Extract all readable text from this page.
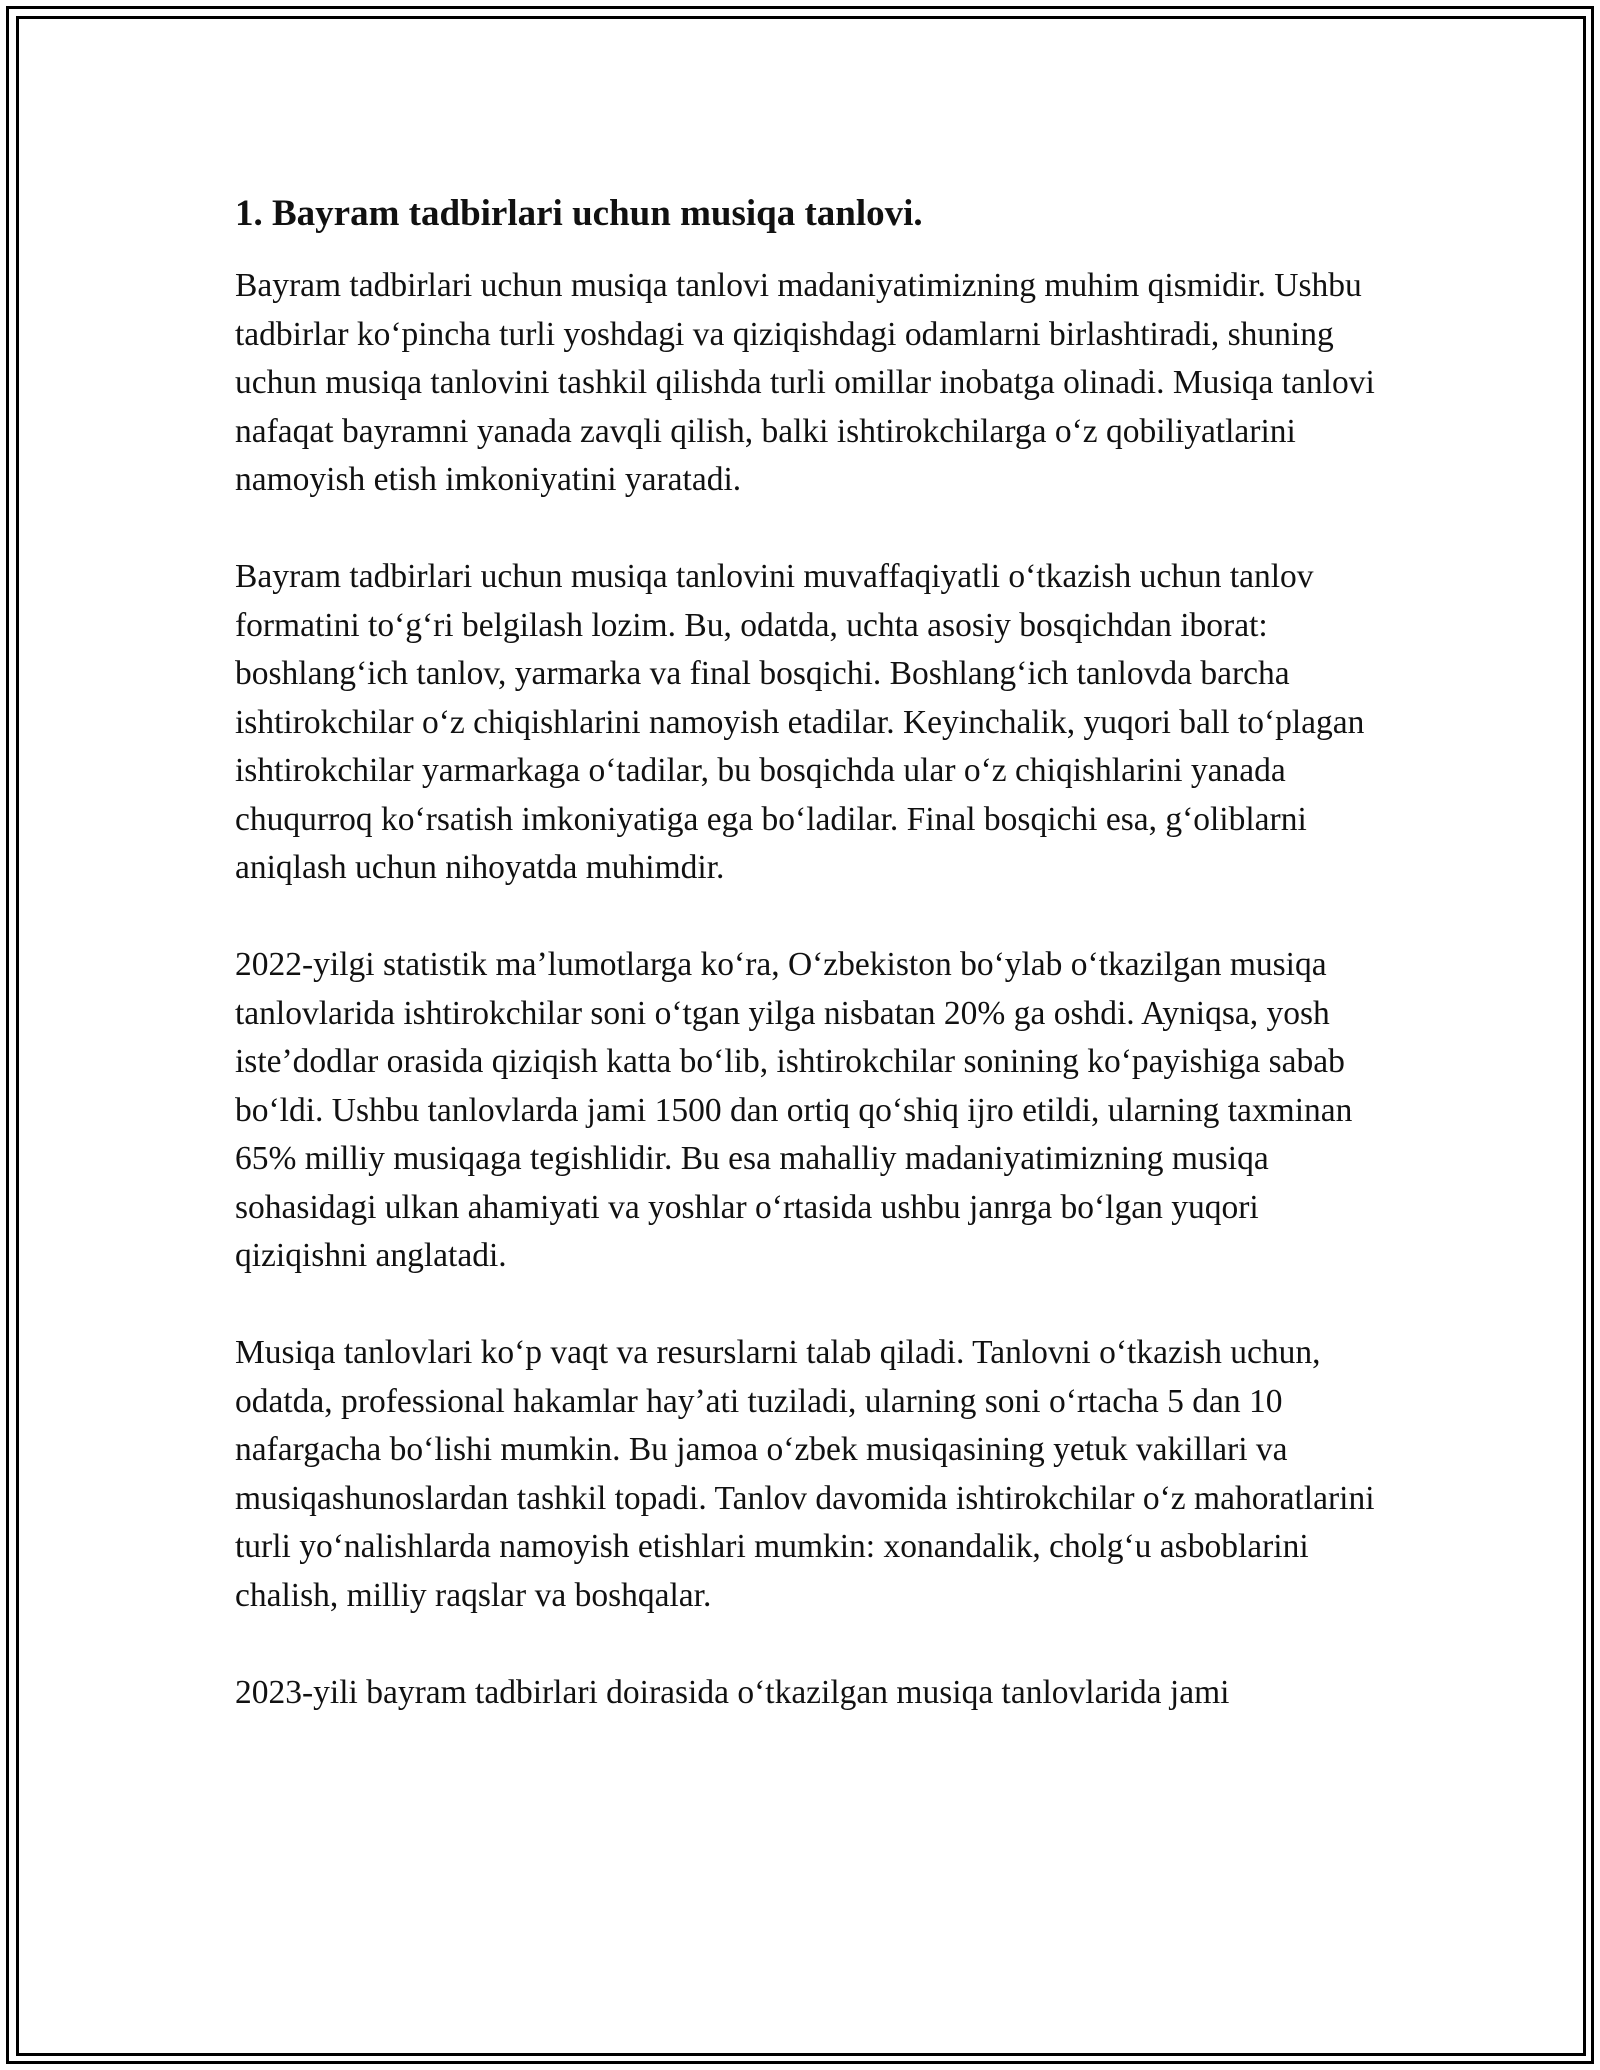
1. Bayram tadbirlari uchun musiqa tanlovi.

Bayram tadbirlari uchun musiqa tanlovi madaniyatimizning muhim qismidir. Ushbu tadbirlar koʻpincha turli yoshdagi va qiziqishdagi odamlarni birlashtiradi, shuning uchun musiqa tanlovini tashkil qilishda turli omillar inobatga olinadi. Musiqa tanlovi nafaqat bayramni yanada zavqli qilish, balki ishtirokchilarga oʻz qobiliyatlarini namoyish etish imkoniyatini yaratadi.

Bayram tadbirlari uchun musiqa tanlovini muvaffaqiyatli oʻtkazish uchun tanlov formatini toʻgʻri belgilash lozim. Bu, odatda, uchta asosiy bosqichdan iborat: boshlangʻich tanlov, yarmarka va final bosqichi. Boshlangʻich tanlovda barcha ishtirokchilar oʻz chiqishlarini namoyish etadilar. Keyinchalik, yuqori ball toʻplagan ishtirokchilar yarmarkaga oʻtadilar, bu bosqichda ular oʻz chiqishlarini yanada chuqurroq koʻrsatish imkoniyatiga ega boʻladilar. Final bosqichi esa, gʻoliblarni aniqlash uchun nihoyatda muhimdir.

2022-yilgi statistik maʼlumotlarga koʻra, Oʻzbekiston boʻylab oʻtkazilgan musiqa tanlovlarida ishtirokchilar soni oʻtgan yilga nisbatan 20% ga oshdi. Ayniqsa, yosh isteʼdodlar orasida qiziqish katta boʻlib, ishtirokchilar sonining koʻpayishiga sabab boʻldi. Ushbu tanlovlarda jami 1500 dan ortiq qoʻshiq ijro etildi, ularning taxminan 65% milliy musiqaga tegishlidir. Bu esa mahalliy madaniyatimizning musiqa sohasidagi ulkan ahamiyati va yoshlar oʻrtasida ushbu janrga boʻlgan yuqori qiziqishni anglatadi.

Musiqa tanlovlari koʻp vaqt va resurslarni talab qiladi. Tanlovni oʻtkazish uchun, odatda, professional hakamlar hayʼati tuziladi, ularning soni oʻrtacha 5 dan 10 nafargacha boʻlishi mumkin. Bu jamoa oʻzbek musiqasining yetuk vakillari va musiqashunoslardan tashkil topadi. Tanlov davomida ishtirokchilar oʻz mahoratlarini turli yoʻnalishlarda namoyish etishlari mumkin: xonandalik, cholgʻu asboblarini chalish, milliy raqslar va boshqalar.

2023-yili bayram tadbirlari doirasida oʻtkazilgan musiqa tanlovlarida jami
